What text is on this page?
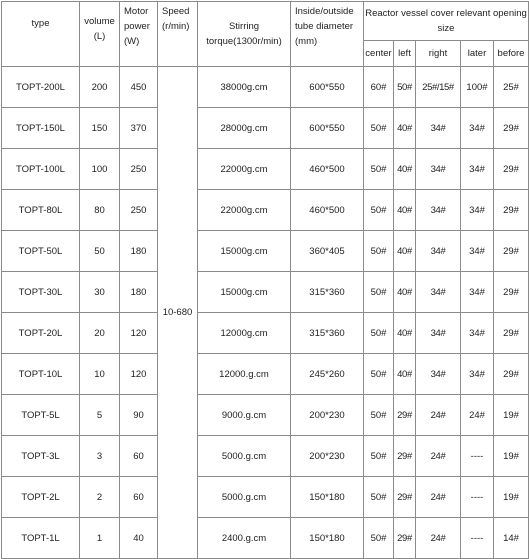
type	volume (L)	Motor power (W)	Speed (r/min)	Stirring torque(1300r/min)	Inside/outside tube diameter (mm)	Reactor vessel cover relevant opening size				
						center	left	right	later	before
TOPT-200L	200	450	10-680	38000g.cm	600*550	60#	50#	25#/15#	100#	25#
TOPT-150L	150	370		28000g.cm	600*550	50#	40#	34#	34#	29#
TOPT-100L	100	250		22000g.cm	460*500	50#	40#	34#	34#	29#
TOPT-80L	80	250		22000g.cm	460*500	50#	40#	34#	34#	29#
TOPT-50L	50	180		15000g.cm	360*405	50#	40#	34#	34#	29#
TOPT-30L	30	180		15000g.cm	315*360	50#	40#	34#	34#	29#
TOPT-20L	20	120		12000g.cm	315*360	50#	40#	34#	34#	29#
TOPT-10L	10	120		12000.g.cm	245*260	50#	40#	34#	34#	29#
TOPT-5L	5	90		9000.g.cm	200*230	50#	29#	24#	24#	19#
TOPT-3L	3	60		5000.g.cm	200*230	50#	29#	24#	----	19#
TOPT-2L	2	60		5000.g.cm	150*180	50#	29#	24#	----	19#
TOPT-1L	1	40		2400.g.cm	150*180	50#	29#	24#	----	14#
